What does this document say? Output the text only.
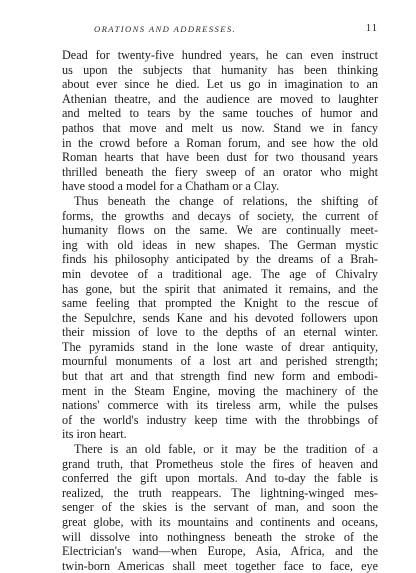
ORATIONS AND ADDRESSES.	11
Dead for twenty-five hundred years, he can even instruct
us upon the subjects that humanity has been thinking
about ever since he died. Let us go in imagination to an
Athenian theatre, and the audience are moved to laughter
and melted to tears by the same touches of humor and
pathos that move and melt us now. Stand we in fancy
in the crowd before a Roman forum, and see how the old
Roman hearts that have been dust for two thousand years
thrilled beneath the fiery sweep of an orator who might
have stood a model for a Chatham or a Clay.
Thus beneath the change of relations, the shifting of
forms, the growths and decays of society, the current of
humanity flows on the same. We are continually meet-
ing with old ideas in new shapes. The German mystic
finds his philosophy anticipated by the dreams of a Brah-
min devotee of a traditional age. The age of Chivalry
has gone, but the spirit that animated it remains, and the
same feeling that prompted the Knight to the rescue of
the Sepulchre, sends Kane and his devoted followers upon
their mission of love to the depths of an eternal winter.
The pyramids stand in the lone waste of drear antiquity,
mournful monuments of a lost art and perished strength;
but that art and that strength find new form and embodi-
ment in the Steam Engine, moving the machinery of the
nations' commerce with its tireless arm, while the pulses
of the world's industry keep time with the throbbings of
its iron heart.
There is an old fable, or it may be the tradition of a
grand truth, that Prometheus stole the fires of heaven and
conferred the gift upon mortals. And to-day the fable is
realized, the truth reappears. The lightning-winged mes-
senger of the skies is the servant of man, and soon the
great globe, with its mountains and continents and oceans,
will dissolve into nothingness beneath the stroke of the
Electrician's wand—when Europe, Asia, Africa, and the
twin-born Americas shall meet together face to face, eye
